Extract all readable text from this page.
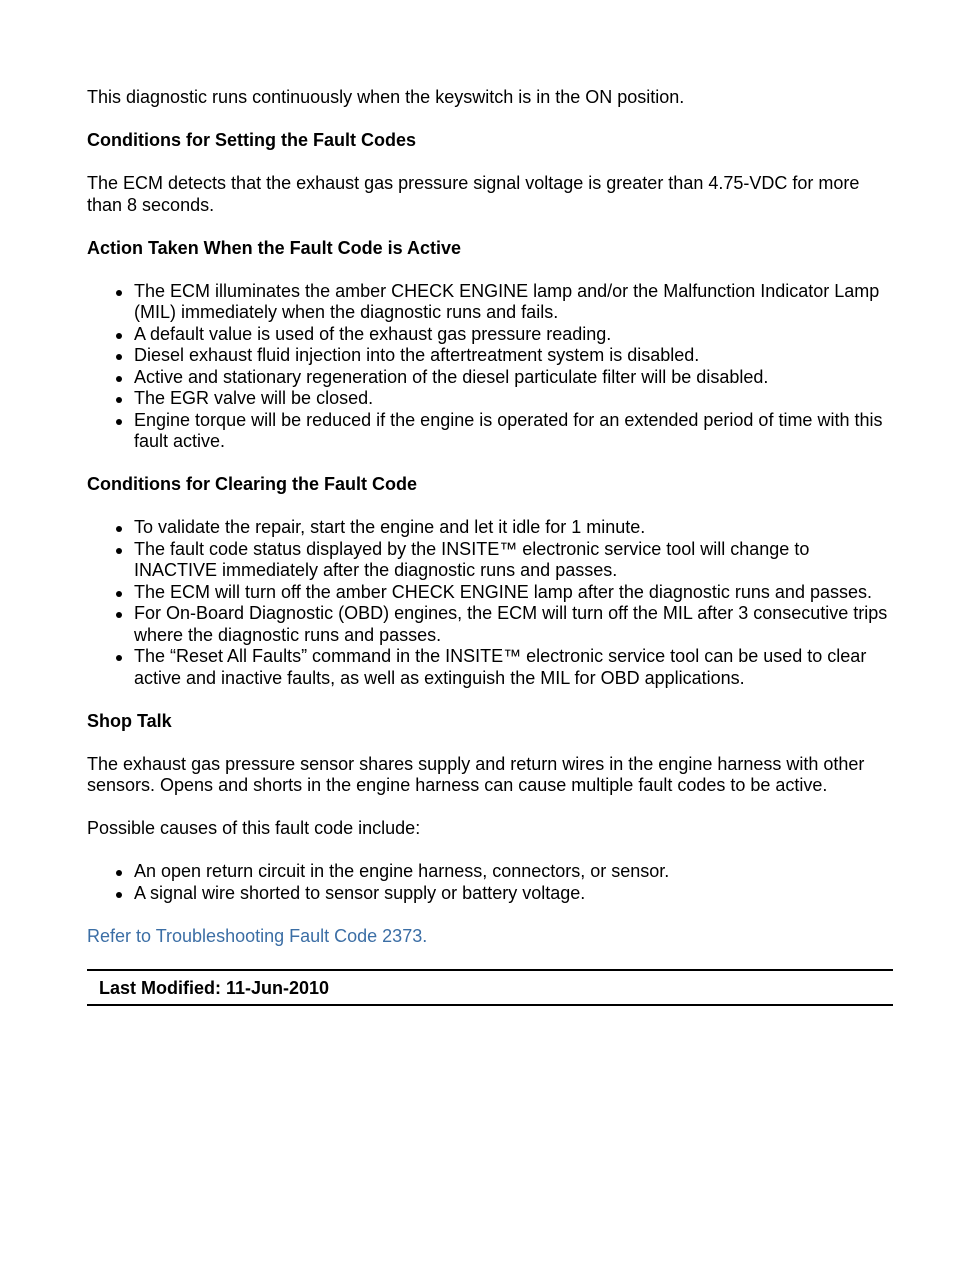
This diagnostic runs continuously when the keyswitch is in the ON position.

Conditions for Setting the Fault Codes

The ECM detects that the exhaust gas pressure signal voltage is greater than 4.75-VDC for more than 8 seconds.

Action Taken When the Fault Code is Active
The ECM illuminates the amber CHECK ENGINE lamp and/or the Malfunction Indicator Lamp (MIL) immediately when the diagnostic runs and fails.
A default value is used of the exhaust gas pressure reading.
Diesel exhaust fluid injection into the aftertreatment system is disabled.
Active and stationary regeneration of the diesel particulate filter will be disabled.
The EGR valve will be closed.
Engine torque will be reduced if the engine is operated for an extended period of time with this fault active.
Conditions for Clearing the Fault Code
To validate the repair, start the engine and let it idle for 1 minute.
The fault code status displayed by the INSITE™ electronic service tool will change to INACTIVE immediately after the diagnostic runs and passes.
The ECM will turn off the amber CHECK ENGINE lamp after the diagnostic runs and passes.
For On-Board Diagnostic (OBD) engines, the ECM will turn off the MIL after 3 consecutive trips where the diagnostic runs and passes.
The “Reset All Faults” command in the INSITE™ electronic service tool can be used to clear active and inactive faults, as well as extinguish the MIL for OBD applications.
Shop Talk

The exhaust gas pressure sensor shares supply and return wires in the engine harness with other sensors. Opens and shorts in the engine harness can cause multiple fault codes to be active.

Possible causes of this fault code include:

An open return circuit in the engine harness, connectors, or sensor.
A signal wire shorted to sensor supply or battery voltage.

Refer to Troubleshooting Fault Code 2373.

Last Modified: 11-Jun-2010
